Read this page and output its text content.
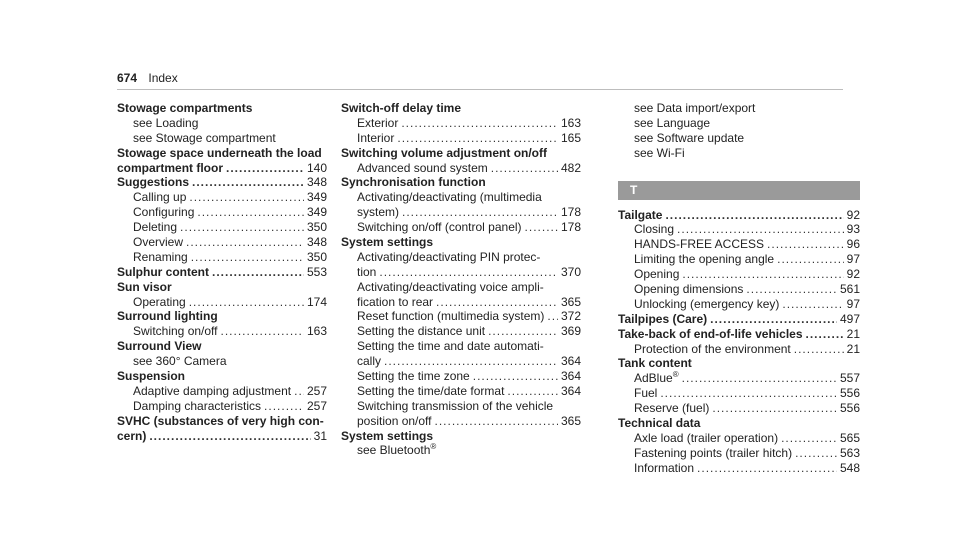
674 Index
Stowage compartments
see Loading
see Stowage compartment
Stowage space underneath the load
compartment floor .....	140
Suggestions .....	348
Calling up .....	349
Configuring .....	349
Deleting .....	350
Overview .....	348
Renaming .....	350
Sulphur content .....	553
Sun visor
Operating .....	174
Surround lighting
Switching on/off .....	163
Surround View
see 360° Camera
Suspension
Adaptive damping adjustment ..... 257
Damping characteristics .....	257
SVHC (substances of very high con-
cern) .....	31
Switch-off delay time
Exterior .....	163
Interior .....	165
Switching volume adjustment on/off
Advanced sound system .....	482
Synchronisation function
Activating/deactivating (multimedia
system) .....	178
Switching on/off (control panel) .....	178
System settings
Activating/deactivating PIN protec-
tion .....	370
Activating/deactivating voice ampli-
fication to rear .....	365
Reset function (multimedia system) ..... 372
Setting the distance unit .....	369
Setting the time and date automati-
cally .....	364
Setting the time zone .....	364
Setting the time/date format .....	364
Switching transmission of the vehicle
position on/off .....	365
System settings
see Bluetooth®
see Data import/export
see Language
see Software update
see Wi-Fi
T
Tailgate .....	92
Closing .....	93
HANDS-FREE ACCESS .....	96
Limiting the opening angle .....	97
Opening .....	92
Opening dimensions .....	561
Unlocking (emergency key) .....	97
Tailpipes (Care) .....	497
Take-back of end-of-life vehicles .....	21
Protection of the environment .....	21
Tank content
AdBlue® .....	557
Fuel .....	556
Reserve (fuel) .....	556
Technical data
Axle load (trailer operation) .....	565
Fastening points (trailer hitch) .....	563
Information .....	548
